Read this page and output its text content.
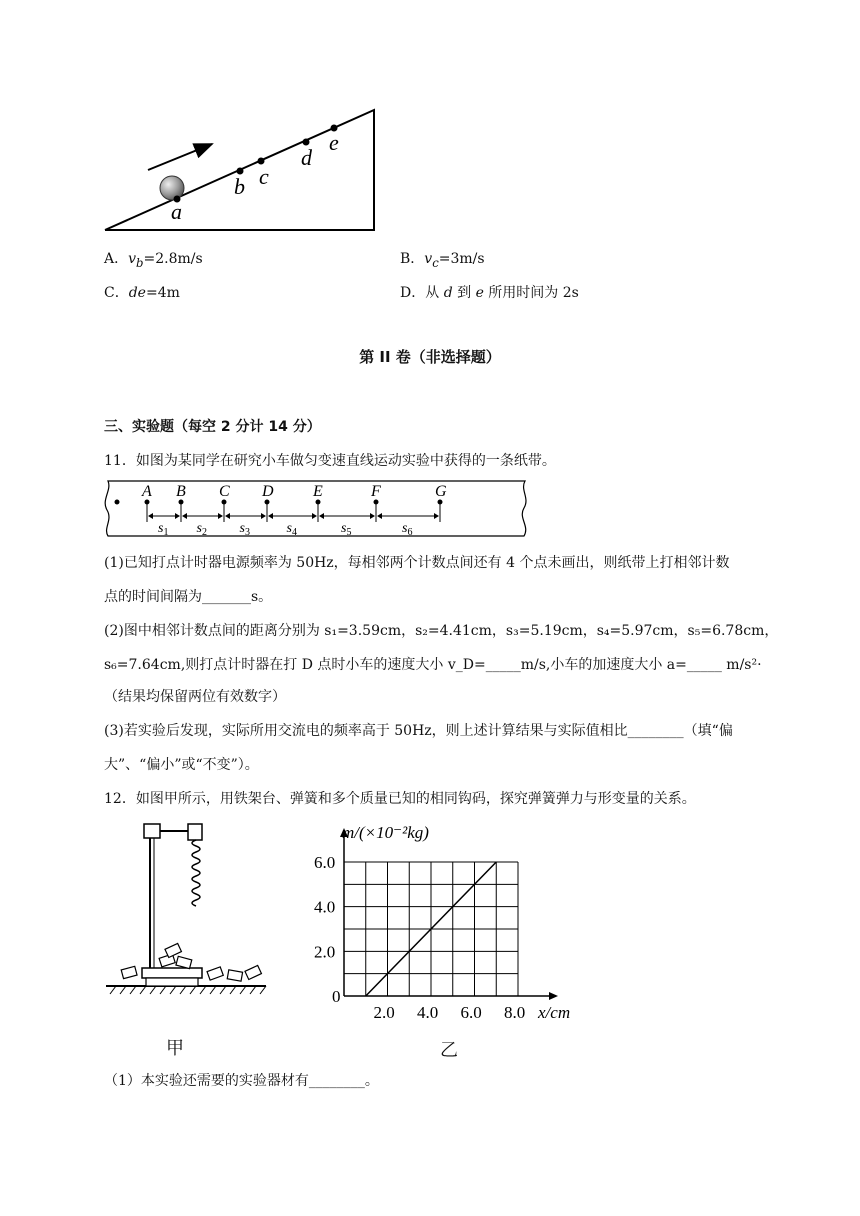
a
b c
d
e
A．$v_b=2.8m/s$	B．$v_c=3m/s$
C．de=4m	D．从 d 到 e 所用时间为 2s
第 II 卷（非选择题）
三、实验题（每空 2 分计 14 分）
11．如图为某同学在研究小车做匀变速直线运动实验中获得的一条纸带。
A B C D E	F	G
$s_1$ $s_2$ $s_3$	$s_4$	$s_5$	$s_6$
(1)已知打点计时器电源频率为 50Hz，每相邻两个计数点间还有 4 个点未画出，则纸带上打相邻计数
点的时间间隔为_______s。
(2)图中相邻计数点间的距离分别为 s₁=3.59cm，s₂=4.41cm，s₃=5.19cm，s₄=5.97cm，s₅=6.78cm，
s₆=7.64cm,则打点计时器在打 D 点时小车的速度大小 v_D=_____m/s,小车的加速度大小 a=_____ m/s²·
（结果均保留两位有效数字）
(3)若实验后发现，实际所用交流电的频率高于 50Hz，则上述计算结果与实际值相比________（填“偏
大”、“偏小”或“不变”）。
12．如图甲所示，用铁架台、弹簧和多个质量已知的相同钩码，探究弹簧弹力与形变量的关系。
甲
2.0 4.0 6.0 8.0
0
2.0
4.0
6.0
m/(×10⁻²kg)
x/cm
乙
（1）本实验还需要的实验器材有________。
